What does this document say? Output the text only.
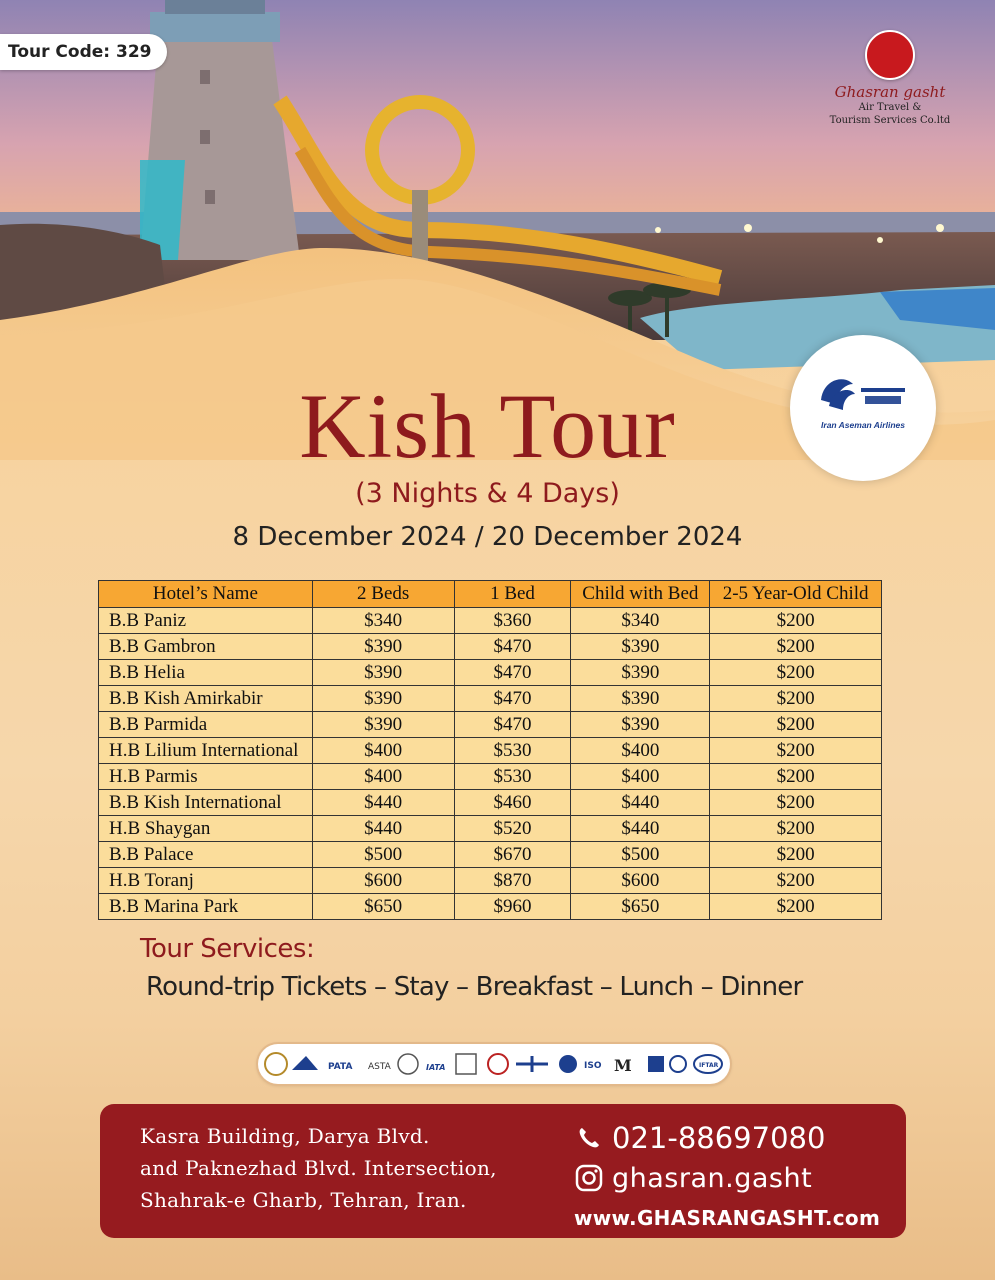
Tour Code: 329
Ghasran gasht
Air Travel &
Tourism Services Co.ltd
Iran Aseman Airlines
Kish Tour
(3 Nights & 4 Days)
8 December 2024 / 20 December 2024
Hotel’s Name	2 Beds	1 Bed	Child with Bed	2-5 Year-Old Child
B.B Paniz	$340	$360	$340	$200
B.B Gambron	$390	$470	$390	$200
B.B Helia	$390	$470	$390	$200
B.B Kish Amirkabir	$390	$470	$390	$200
B.B Parmida	$390	$470	$390	$200
H.B Lilium International	$400	$530	$400	$200
H.B Parmis	$400	$530	$400	$200
B.B Kish International	$440	$460	$440	$200
H.B Shaygan	$440	$520	$440	$200
B.B Palace	$500	$670	$500	$200
H.B Toranj	$600	$870	$600	$200
B.B Marina Park	$650	$960	$650	$200
Tour Services:
Round-trip Tickets – Stay – Breakfast – Lunch – Dinner
PATA ASTA	IATA	ISO M	IFTAR
Kasra Building, Darya Blvd.
and Paknezhad Blvd. Intersection,
Shahrak-e Gharb, Tehran, Iran.
021-88697080
ghasran.gasht
www.GHASRANGASHT.com
